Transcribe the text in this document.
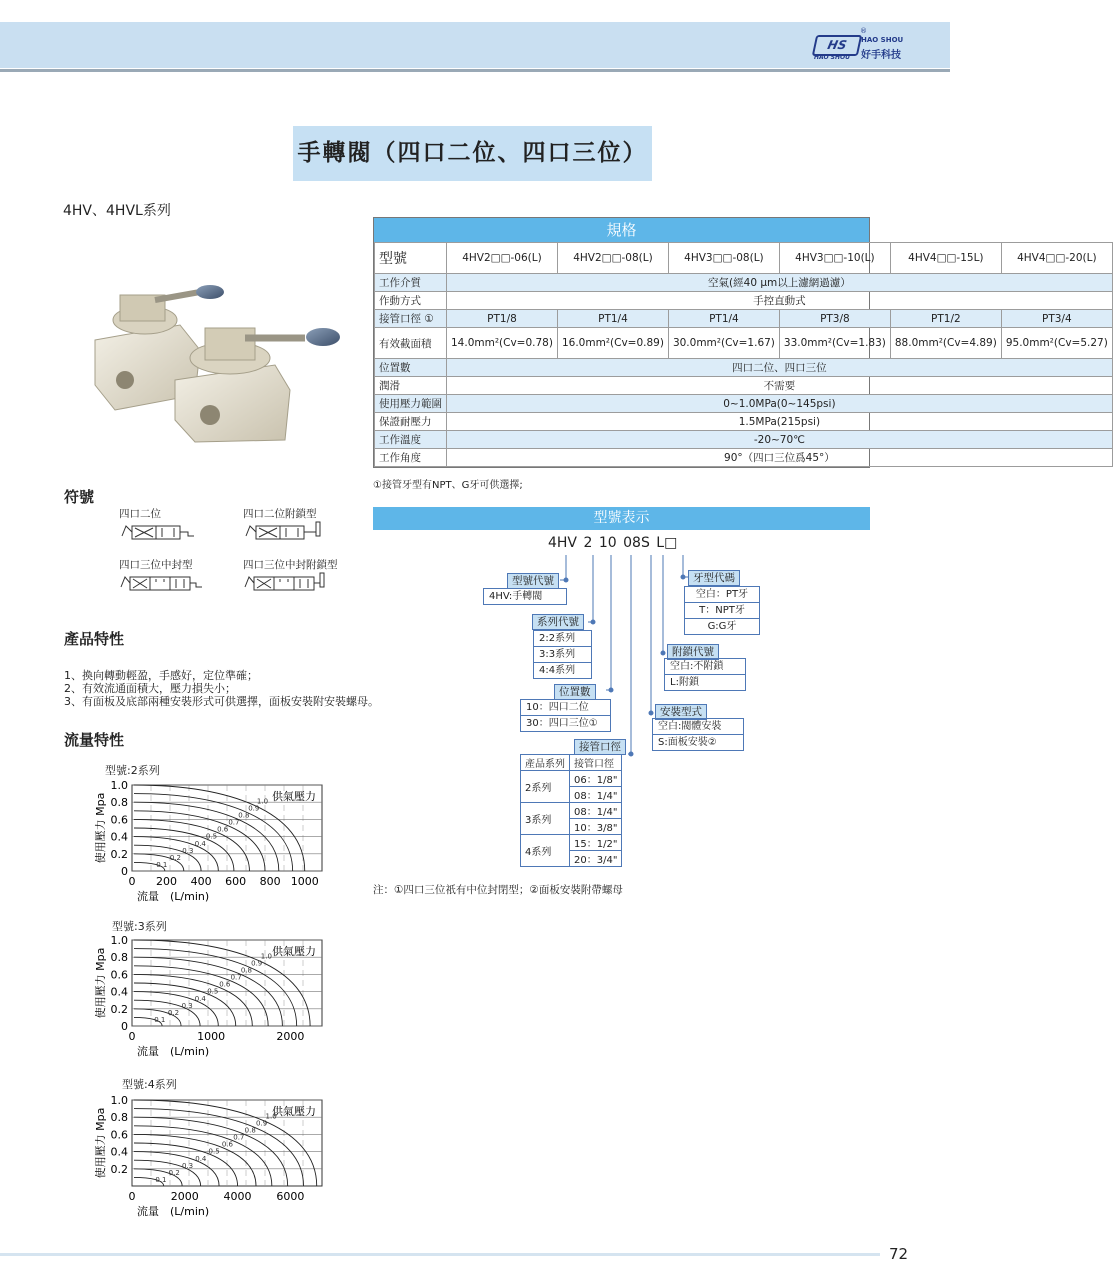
HS
®
HAO SHOU
好手科技
HAO SHOU
手轉閥（四口二位、四口三位）
4HV、4HVL系列
符號
四口二位	四口二位附鎖型
四口三位中封型	四口三位中封附鎖型
產品特性
1、換向轉動輕盈，手感好，定位準確；
2、有效流通面積大，壓力損失小；
3、有面板及底部兩種安裝形式可供選擇，面板安裝附安裝螺母。
流量特性
型號:2系列
型號:3系列
型號:4系列
0
0.2
0.4
0.6
0.8
1.0
0 200 400 600 800 1000
1.0
0.9
0.8
0.7
0.6
0.5
0.4
0.3
0.2
0.1
供氣壓力
流量　(L/min)
使用壓力 Mpa
0
0.2
0.4
0.6
0.8
1.0
0	1000	2000
1.0
0.9
0.8
0.7
0.6
0.5
0.4
0.3
0.2
0.1
供氣壓力
流量　(L/min)
使用壓力 Mpa
0.2
0.4
0.6
0.8
1.0
0	2000 4000 6000
1.0
0.9
0.8
0.7
0.6
0.5
0.4
0.3
0.2
0.1
供氣壓力
流量　(L/min)
使用壓力 Mpa
規格
型號	4HV2□□-06(L)	4HV2□□-08(L)	4HV3□□-08(L)	4HV3□□-10(L)	4HV4□□-15L)	4HV4□□-20(L)
工作介質	空氣(經40 μm以上濾網過濾）					
作動方式	手控直動式					
接管口徑 ①	PT1/8	PT1/4	PT1/4	PT3/8	PT1/2	PT3/4
有效截面積	14.0mm²(Cv=0.78)	16.0mm²(Cv=0.89)	30.0mm²(Cv=1.67)	33.0mm²(Cv=1.83)	88.0mm²(Cv=4.89)	95.0mm²(Cv=5.27)
位置數	四口二位、四口三位					
潤滑	不需要					
使用壓力範圍	0~1.0MPa(0~145psi)					
保證耐壓力	1.5MPa(215psi)					
工作溫度	-20~70℃					
工作角度	90°（四口三位爲45°）					
①接管牙型有NPT、G牙可供選擇;
型號表示
4HV 2 10 08S L□
型號代號
4HV:手轉閥
系列代號
2:2系列
3:3系列
4:4系列
位置數
10：四口二位
30：四口三位①
接管口徑
產品系列	接管口徑
2系列	06：1/8"
	08：1/4"
3系列	08：1/4"
	10：3/8"
4系列	15：1/2"
	20：3/4"
安裝型式
空白:閥體安裝
S:面板安裝②
附鎖代號
空白:不附鎖
L:附鎖
牙型代碼
空白：PT牙
T：NPT牙
G:G牙
注：①四口三位祇有中位封閉型；②面板安裝附帶螺母
72
